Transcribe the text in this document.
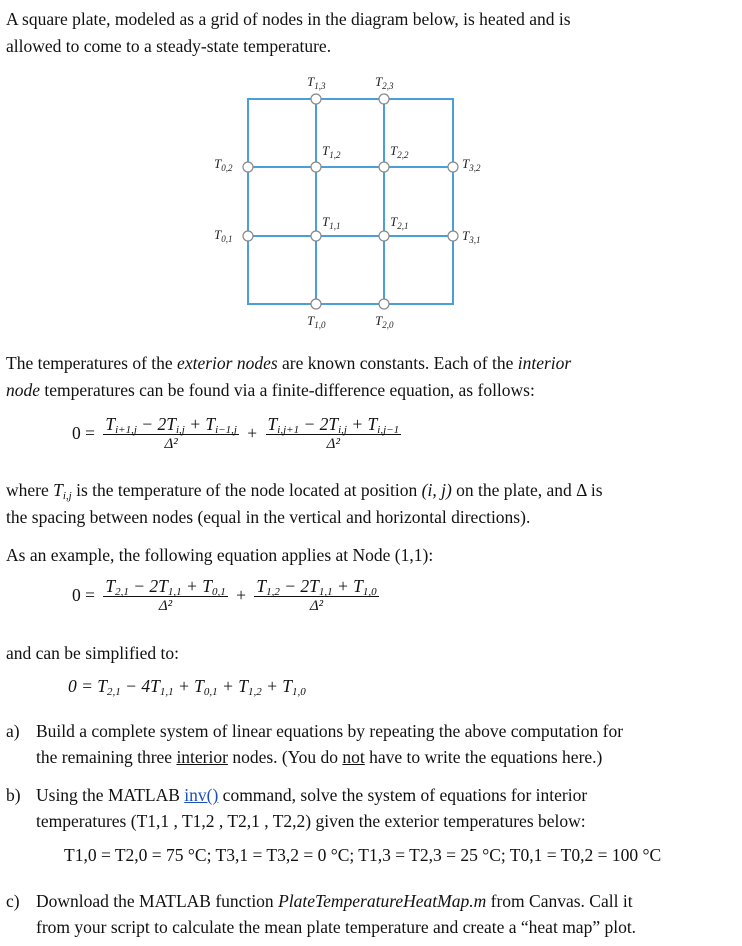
A square plate, modeled as a grid of nodes in the diagram below, is heated and is
allowed to come to a steady-state temperature.
$T_{1,3}$	$T_{2,3}$
$T_{1,2}$	$T_{2,2}$
$T_{1,1}$	$T_{2,1}$
$T_{0,2}$
$T_{0,1}$
$T_{3,2}$
$T_{3,1}$
$T_{1,0}$	$T_{2,0}$
The temperatures of the exterior nodes are known constants. Each of the interior
node temperatures can be found via a finite-difference equation, as follows:
$0 = \frac{T_{i+1,j} - 2T_{i,j} + T_{i-1,j}}{\text{Δ²}} + \frac{T_{i,j+1} - 2T_{i,j} + T_{i,j-1}}{\text{Δ²}}$
where $T_{i,j}$ is the temperature of the node located at position (i, j) on the plate, and Δ is
the spacing between nodes (equal in the vertical and horizontal directions).
As an example, the following equation applies at Node (1,1):
$0 = \frac{T_{2,1} - 2T_{1,1} + T_{0,1}}{\text{Δ²}} + \frac{T_{1,2} - 2T_{1,1} + T_{1,0}}{\text{Δ²}}$
and can be simplified to:
$0 = T_{2,1} - 4T_{1,1} + T_{0,1} + T_{1,2} + T_{1,0}$
a) Build a complete system of linear equations by repeating the above computation for
the remaining three interior nodes. (You do not have to write the equations here.)
b) Using the MATLAB inv() command, solve the system of equations for interior
temperatures (T1,1 , T1,2 , T2,1 , T2,2) given the exterior temperatures below:
T1,0 = T2,0 = 75 °C; T3,1 = T3,2 = 0 °C; T1,3 = T2,3 = 25 °C; T0,1 = T0,2 = 100 °C
c) Download the MATLAB function PlateTemperatureHeatMap.m from Canvas. Call it
from your script to calculate the mean plate temperature and create a “heat map” plot.
